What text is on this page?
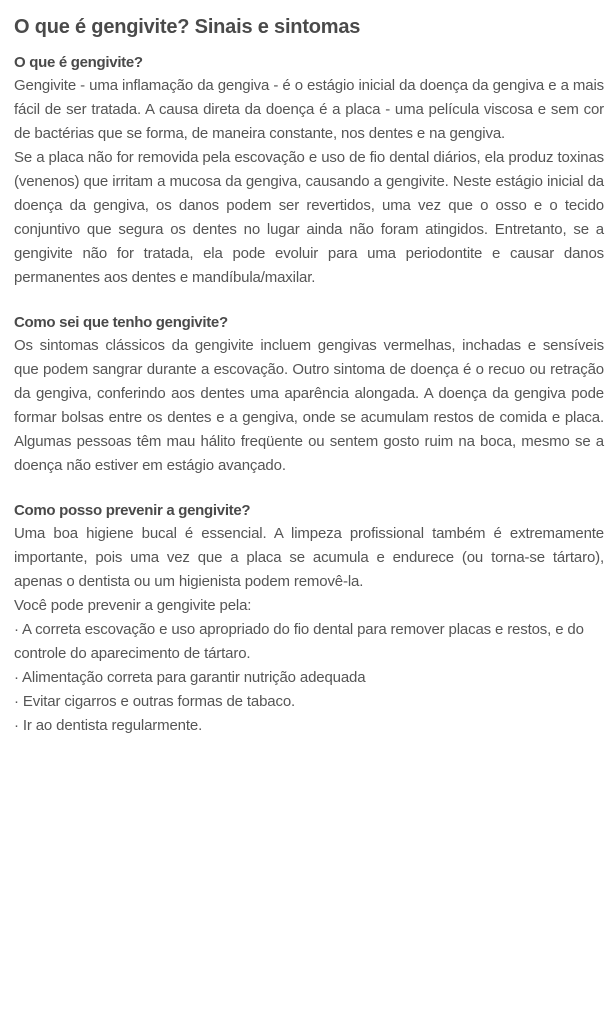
O que é gengivite? Sinais e sintomas
O que é gengivite?

Gengivite - uma inflamação da gengiva - é o estágio inicial da doença da gengiva e a mais fácil de ser tratada. A causa direta da doença é a placa - uma película viscosa e sem cor de bactérias que se forma, de maneira constante, nos dentes e na gengiva.

Se a placa não for removida pela escovação e uso de fio dental diários, ela produz toxinas (venenos) que irritam a mucosa da gengiva, causando a gengivite. Neste estágio inicial da doença da gengiva, os danos podem ser revertidos, uma vez que o osso e o tecido conjuntivo que segura os dentes no lugar ainda não foram atingidos. Entretanto, se a gengivite não for tratada, ela pode evoluir para uma periodontite e causar danos permanentes aos dentes e mandíbula/maxilar.

Como sei que tenho gengivite?

Os sintomas clássicos da gengivite incluem gengivas vermelhas, inchadas e sensíveis que podem sangrar durante a escovação. Outro sintoma de doença é o recuo ou retração da gengiva, conferindo aos dentes uma aparência alongada. A doença da gengiva pode formar bolsas entre os dentes e a gengiva, onde se acumulam restos de comida e placa. Algumas pessoas têm mau hálito freqüente ou sentem gosto ruim na boca, mesmo se a doença não estiver em estágio avançado.

Como posso prevenir a gengivite?

Uma boa higiene bucal é essencial. A limpeza profissional também é extremamente importante, pois uma vez que a placa se acumula e endurece (ou torna-se tártaro), apenas o dentista ou um higienista podem removê-la.

Você pode prevenir a gengivite pela:

· A correta escovação e uso apropriado do fio dental para remover placas e restos, e do controle do aparecimento de tártaro.
· Alimentação correta para garantir nutrição adequada
· Evitar cigarros e outras formas de tabaco.
· Ir ao dentista regularmente.
